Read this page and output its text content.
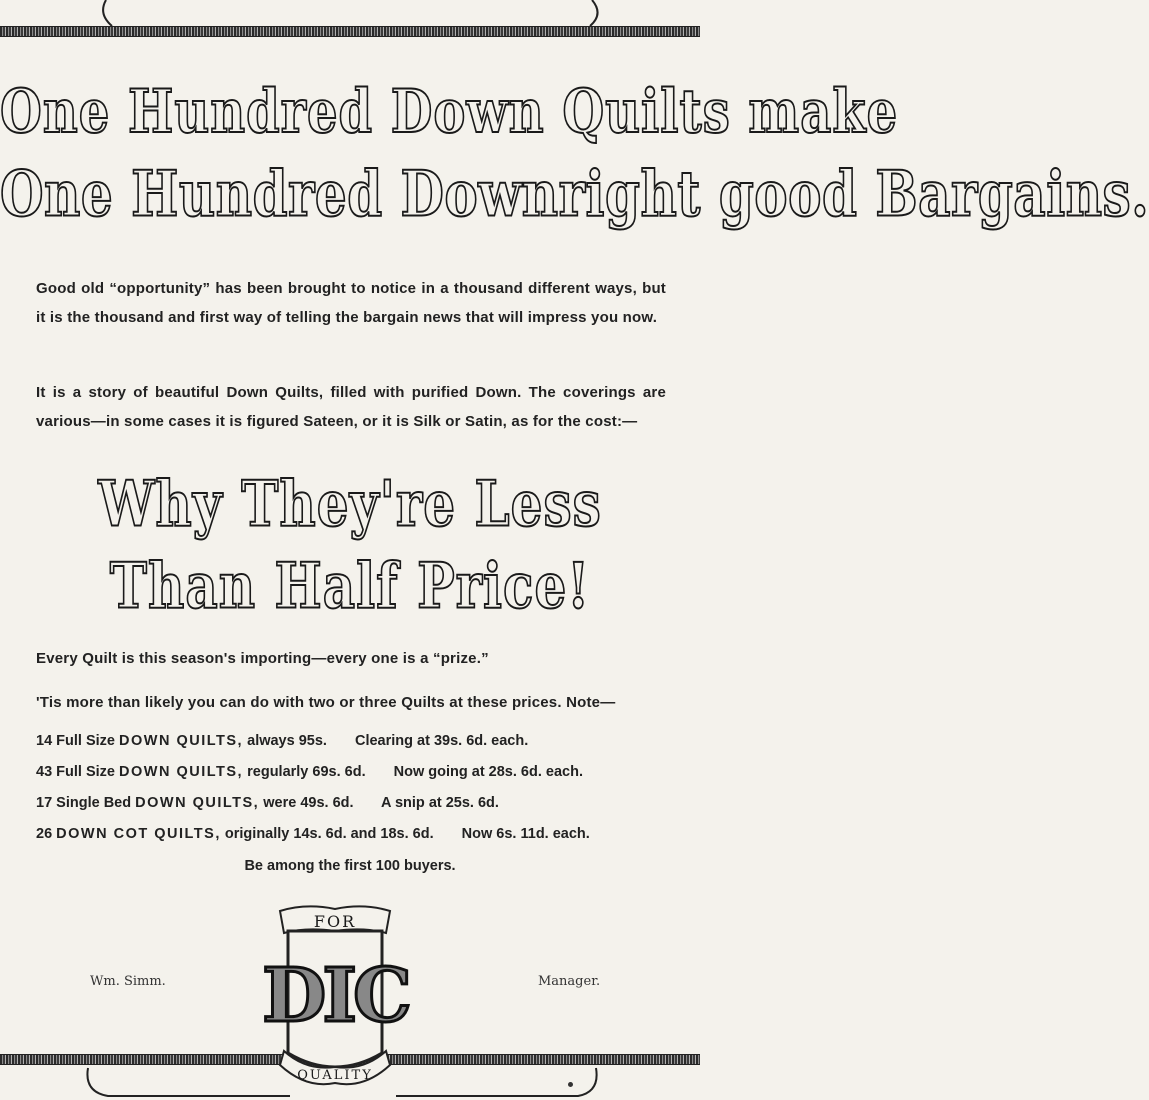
One Hundred Down Quilts make
One Hundred Downright good Bargains.

Good old “opportunity” has been brought to notice in a thousand different ways, but it is the thousand and first way of telling the bargain news that will impress you now.

It is a story of beautiful Down Quilts, filled with purified Down. The coverings are various—in some cases it is figured Sateen, or it is Silk or Satin, as for the cost:—

Why They're Less
Than Half Price!

Every Quilt is this season's importing—every one is a “prize.”

'Tis more than likely you can do with two or three Quilts at these prices. Note—

14 Full Size DOWN QUILTS, always 95s. Clearing at 39s. 6d. each.

43 Full Size DOWN QUILTS, regularly 69s. 6d. Now going at 28s. 6d. each.

17 Single Bed DOWN QUILTS, were 49s. 6d. A snip at 25s. 6d.

26 DOWN COT QUILTS, originally 14s. 6d. and 18s. 6d. Now 6s. 11d. each.

Be among the first 100 buyers.

Wm. Simm.	Manager.

FOR
DIC
QUALITY
